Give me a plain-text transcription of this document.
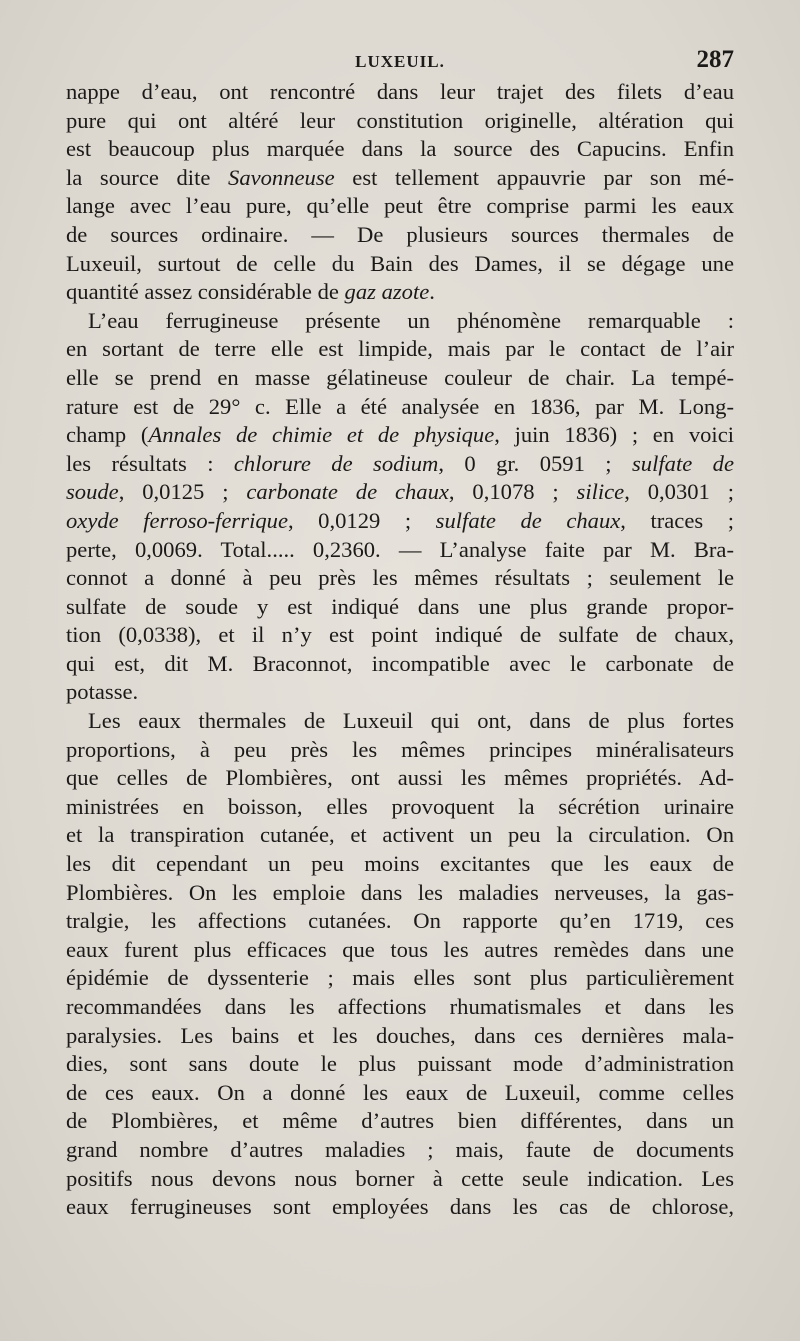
LUXEUIL.	287
nappe d’eau, ont rencontré dans leur trajet des filets d’eau
pure qui ont altéré leur constitution originelle, altération qui
est beaucoup plus marquée dans la source des Capucins. Enfin
la source dite Savonneuse est tellement appauvrie par son mé-
lange avec l’eau pure, qu’elle peut être comprise parmi les eaux
de sources ordinaire. — De plusieurs sources thermales de
Luxeuil, surtout de celle du Bain des Dames, il se dégage une
quantité assez considérable de gaz azote.
L’eau ferrugineuse présente un phénomène remarquable :
en sortant de terre elle est limpide, mais par le contact de l’air
elle se prend en masse gélatineuse couleur de chair. La tempé-
rature est de 29° c. Elle a été analysée en 1836, par M. Long-
champ (Annales de chimie et de physique, juin 1836) ; en voici
les résultats : chlorure de sodium, 0 gr. 0591 ; sulfate de
soude, 0,0125 ; carbonate de chaux, 0,1078 ; silice, 0,0301 ;
oxyde ferroso-ferrique, 0,0129 ; sulfate de chaux, traces ;
perte, 0,0069. Total..... 0,2360. — L’analyse faite par M. Bra-
connot a donné à peu près les mêmes résultats ; seulement le
sulfate de soude y est indiqué dans une plus grande propor-
tion (0,0338), et il n’y est point indiqué de sulfate de chaux,
qui est, dit M. Braconnot, incompatible avec le carbonate de
potasse.
Les eaux thermales de Luxeuil qui ont, dans de plus fortes
proportions, à peu près les mêmes principes minéralisateurs
que celles de Plombières, ont aussi les mêmes propriétés. Ad-
ministrées en boisson, elles provoquent la sécrétion urinaire
et la transpiration cutanée, et activent un peu la circulation. On
les dit cependant un peu moins excitantes que les eaux de
Plombières. On les emploie dans les maladies nerveuses, la gas-
tralgie, les affections cutanées. On rapporte qu’en 1719, ces
eaux furent plus efficaces que tous les autres remèdes dans une
épidémie de dyssenterie ; mais elles sont plus particulièrement
recommandées dans les affections rhumatismales et dans les
paralysies. Les bains et les douches, dans ces dernières mala-
dies, sont sans doute le plus puissant mode d’administration
de ces eaux. On a donné les eaux de Luxeuil, comme celles
de Plombières, et même d’autres bien différentes, dans un
grand nombre d’autres maladies ; mais, faute de documents
positifs nous devons nous borner à cette seule indication. Les
eaux ferrugineuses sont employées dans les cas de chlorose,
